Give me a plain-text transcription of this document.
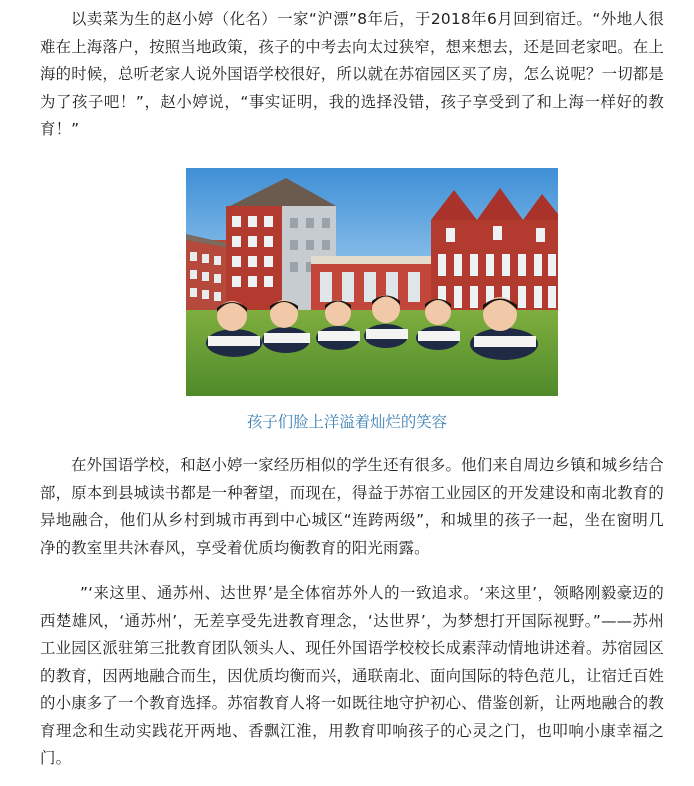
以卖菜为生的赵小婷（化名）一家“沪漂”8年后，于2018年6月回到宿迁。“外地人很难在上海落户，按照当地政策，孩子的中考去向太过狭窄，想来想去，还是回老家吧。在上海的时候，总听老家人说外国语学校很好，所以就在苏宿园区买了房，怎么说呢？一切都是为了孩子吧！”，赵小婷说，“事实证明，我的选择没错，孩子享受到了和上海一样好的教育！”

孩子们脸上洋溢着灿烂的笑容

在外国语学校，和赵小婷一家经历相似的学生还有很多。他们来自周边乡镇和城乡结合部，原本到县城读书都是一种奢望，而现在，得益于苏宿工业园区的开发建设和南北教育的异地融合，他们从乡村到城市再到中心城区“连跨两级”，和城里的孩子一起，坐在窗明几净的教室里共沐春风，享受着优质均衡教育的阳光雨露。

”‘来这里、通苏州、达世界’是全体宿苏外人的一致追求。‘来这里’，领略刚毅豪迈的西楚雄风，‘通苏州’，无差享受先进教育理念，‘达世界’，为梦想打开国际视野。”——苏州工业园区派驻第三批教育团队领头人、现任外国语学校校长成素萍动情地讲述着。苏宿园区的教育，因两地融合而生，因优质均衡而兴，通联南北、面向国际的特色范儿，让宿迁百姓的小康多了一个教育选择。苏宿教育人将一如既往地守护初心、借鉴创新，让两地融合的教育理念和生动实践花开两地、香飘江淮，用教育叩响孩子的心灵之门，也叩响小康幸福之门。
